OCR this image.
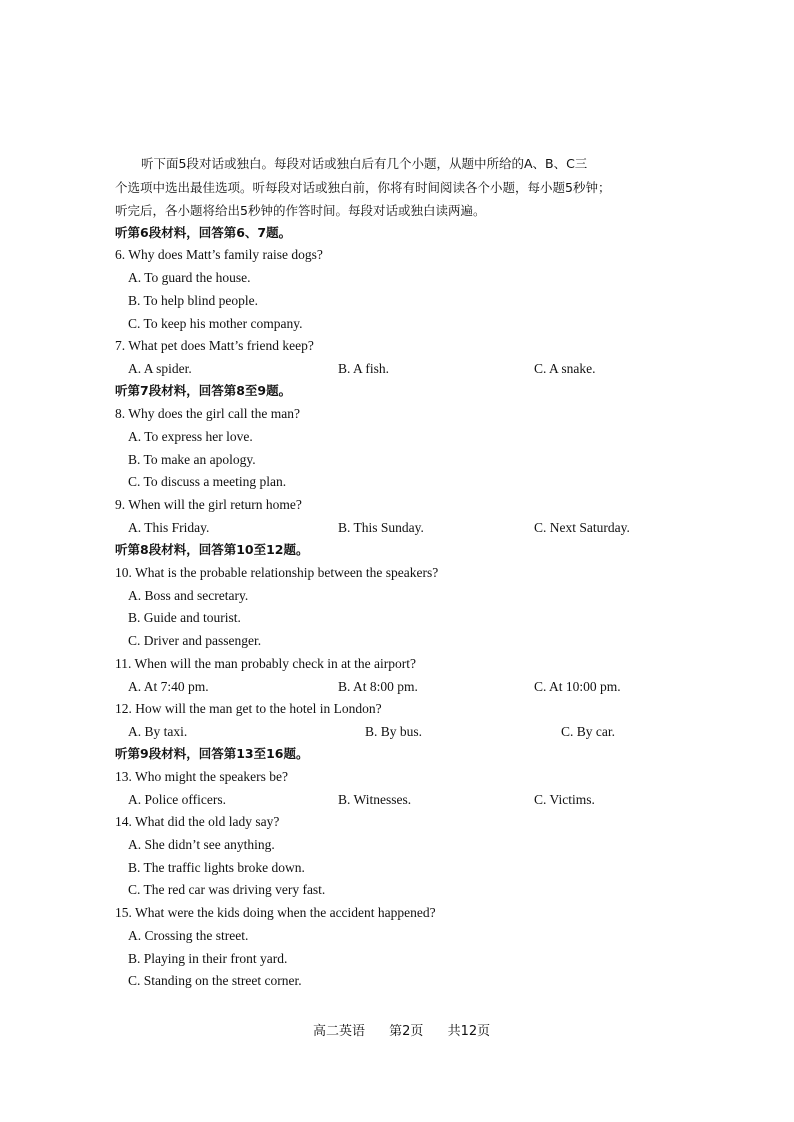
听下面5段对话或独白。每段对话或独白后有几个小题，从题中所给的A、B、C三
个选项中选出最佳选项。听每段对话或独白前，你将有时间阅读各个小题，每小题5秒钟；
听完后，各小题将给出5秒钟的作答时间。每段对话或独白读两遍。
听第6段材料，回答第6、7题。
6. Why does Matt’s family raise dogs?
A. To guard the house.
B. To help blind people.
C. To keep his mother company.
7. What pet does Matt’s friend keep?
A. A spider.	B. A fish.	C. A snake.
听第7段材料，回答第8至9题。
8. Why does the girl call the man?
A. To express her love.
B. To make an apology.
C. To discuss a meeting plan.
9. When will the girl return home?
A. This Friday.	B. This Sunday.	C. Next Saturday.
听第8段材料，回答第10至12题。
10. What is the probable relationship between the speakers?
A. Boss and secretary.
B. Guide and tourist.
C. Driver and passenger.
11. When will the man probably check in at the airport?
A. At 7:40 pm.	B. At 8:00 pm.	C. At 10:00 pm.
12. How will the man get to the hotel in London?
A. By taxi.	B. By bus.	C. By car.
听第9段材料，回答第13至16题。
13. Who might the speakers be?
A. Police officers.	B. Witnesses.	C. Victims.
14. What did the old lady say?
A. She didn’t see anything.
B. The traffic lights broke down.
C. The red car was driving very fast.
15. What were the kids doing when the accident happened?
A. Crossing the street.
B. Playing in their front yard.
C. Standing on the street corner.
高二英语 第2页 共12页
